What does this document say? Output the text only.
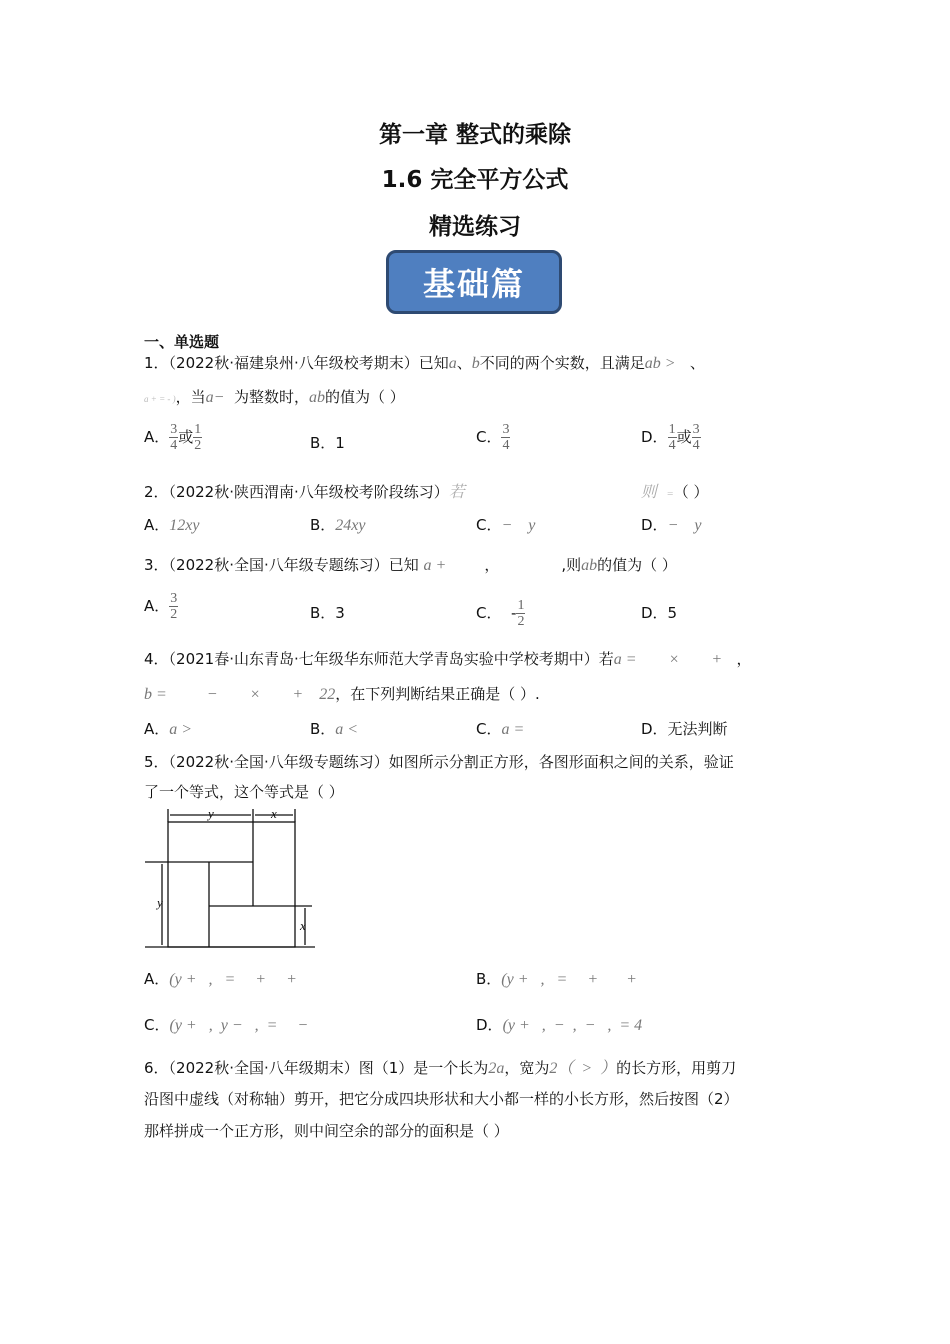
第一章 整式的乘除
1.6 完全平方公式
精选练习
基础篇
一、单选题
1．（2022秋·福建泉州·八年级校考期末）已知a、b不同的两个实数，且满足ab > 、
a + = - )，当a− 为整数时，ab的值为（ ）
A． $\frac{3}{4}$ 或 $\frac{1}{2}$	B．1	C． $\frac{3}{4}$	D． $\frac{1}{4}$ 或 $\frac{3}{4}$
2．（2022秋·陕西渭南·八年级校考阶段练习）若	则 =（ ）
A．12xy	B．24xy	C．−    y	D．−    y
3．（2022秋·全国·八年级专题练习）已知 a +	，	,则ab的值为（ ）
A． $\frac{3}{2}$	B．3	C．  - $\frac{1}{2}$	D．5
4．（2021春·山东青岛·七年级华东师范大学青岛实验中学校考期中）若a =        ×        + ，
b =          −        ×        +    22，在下列判断结果正确是（ ）.
A．a >	B．a <	C．a =	D．无法判断
5．（2022秋·全国·八年级专题练习）如图所示分割正方形，各图形面积之间的关系，验证
了一个等式，这个等式是（ ）
y	x
y
x
A．(y +   ,   =     +     +	B．(y +   ,   =     +       +
C．(y +   ,  y −   ,  =     −	D．(y +   ,  −  ,  −   ,  = 4
6．（2022秋·全国·八年级期末）图（1）是一个长为2a，宽为2（  >  ）的长方形，用剪刀
沿图中虚线（对称轴）剪开，把它分成四块形状和大小都一样的小长方形，然后按图（2）
那样拼成一个正方形，则中间空余的部分的面积是（ ）
